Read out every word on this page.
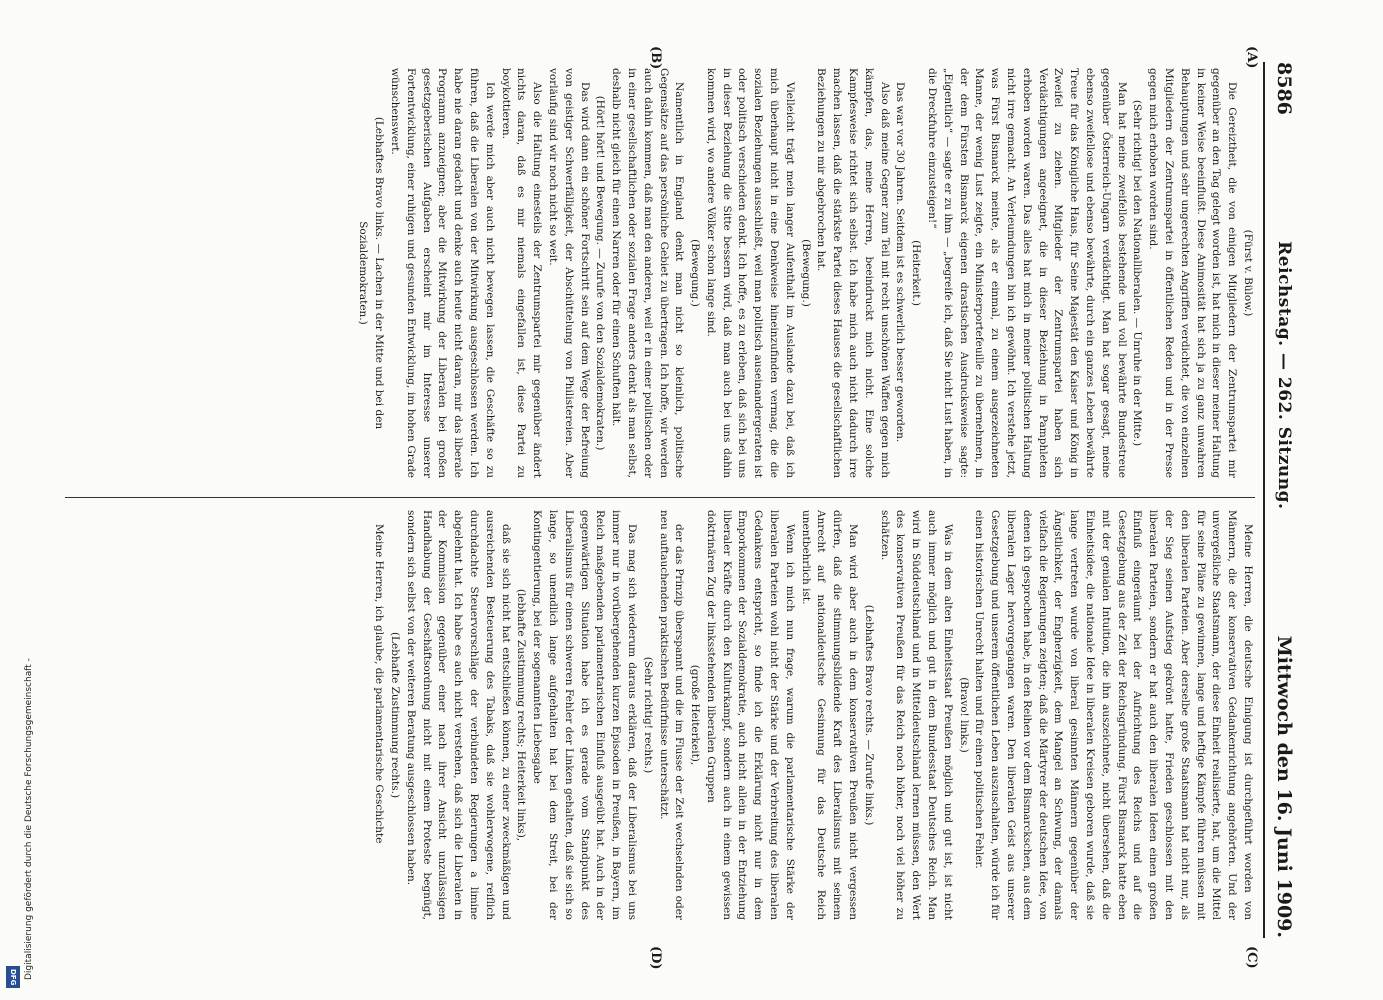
8586
Reichstag. — 262. Sitzung.
Mittwoch den 16. Juni 1909.
(A)
(B)
(C)
(D)

(Fürst v. Bülow.)

Die Gereiztheit, die von einigen Mitgliedern der Zentrumspartei mir gegenüber an den Tag gelegt worden ist, hat mich in dieser meiner Haltung in keiner Weise beeinflußt. Diese Animosität hat sich ja zu ganz unwahren Behauptungen und sehr ungerechten Angriffen verdichtet, die von einzelnen Mitgliedern der Zentrumspartei in öffentlichen Reden und in der Presse gegen mich erhoben worden sind.

(Sehr richtig! bei den Nationalliberalen. — Unruhe in der Mitte.)

Man hat meine zweifellos bestehende und voll bewährte Bundestreue gegenüber Österreich-Ungarn verdächtigt. Man hat sogar gesagt, meine ebenso zweifellose und ebenso bewährte, durch ein ganzes Leben bewährte Treue für das Königliche Haus, für Seine Majestät den Kaiser und König in Zweifel zu ziehen. Mitglieder der Zentrumspartei haben sich Verdächtigungen angeeignet, die in dieser Beziehung in Pamphleten erhoben worden waren. Das alles hat mich in meiner politischen Haltung nicht irre gemacht. An Verleumdungen bin ich gewöhnt. Ich verstehe jetzt, was Fürst Bismarck meinte, als er einmal, zu einem ausgezeichneten Manne, der wenig Lust zeigte, ein Ministerportefeuille zu übernehmen, in der dem Fürsten Bismarck eigenen drastischen Ausdrucksweise sagte: „Eigentlich“ — sagte er zu ihm — „begreife ich, daß Sie nicht Lust haben, in die Dreckfuhre einzusteigen!“

(Heiterkeit.)

Das war vor 30 Jahren. Seitdem ist es schwerlich besser geworden.

Also daß meine Gegner zum Teil mit recht unschönen Waffen gegen mich kämpfen, das, meine Herren, beeindruckt mich nicht. Eine solche Kampfesweise richtet sich selbst. Ich habe mich auch nicht dadurch irre machen lassen, daß die stärkste Partei dieses Hauses die gesellschaftlichen Beziehungen zu mir abgebrochen hat.

(Bewegung.)

Vielleicht trägt mein langer Aufenthalt im Auslande dazu bei, daß ich mich überhaupt nicht in eine Denkweise hineinzufinden vermag, die die sozialen Beziehungen ausschließt, weil man politisch auseinandergeraten ist oder politisch verschieden denkt. Ich hoffe, es zu erleben, daß sich bei uns in dieser Beziehung die Sitte bessern wird, daß man auch bei uns dahin kommen wird, wo andere Völker schon lange sind.

(Bewegung.)

Namentlich in England denkt man nicht so kleinlich, politische Gegensätze auf das persönliche Gebiet zu übertragen. Ich hoffe, wir werden auch dahin kommen, daß man den anderen, weil er in einer politischen oder in einer gesellschaftlichen oder sozialen Frage anders denkt als man selbst, deshalb nicht gleich für einen Narren oder für einen Schuften hält.

(Hört! hört! und Bewegung. — Zurufe von den Sozialdemokraten.)

Das wird dann ein schöner Fortschritt sein auf dem Wege der Befreiung von geistiger Schwerfälligkeit, der Abschüttelung von Philistereien. Aber vorläufig sind wir noch nicht so weit.

Also die Haltung einesteils der Zentrumspartei mir gegenüber ändert nichts daran, daß es mir niemals eingefallen ist, diese Partei zu boykottieren.

Ich werde mich aber auch nicht bewegen lassen, die Geschäfte so zu führen, daß die Liberalen von der Mitwirkung ausgeschlossen werden. Ich habe nie daran gedacht und denke auch heute nicht daran, mir das liberale Programm anzueignen; aber die Mitwirkung der Liberalen bei großen gesetzgeberischen Aufgaben erscheint mir im Interesse unserer Fortentwicklung, einer ruhigen und gesunden Entwicklung, im hohen Grade wünschenswert.

(Lebhaftes Bravo links. — Lachen in der Mitte und bei den Sozialdemokraten.)

Meine Herren, die deutsche Einigung ist durchgeführt worden von Männern, die der konservativen Gedankenrichtung angehörten. Und der unvergeßliche Staatsmann, der diese Einheit realisierte, hat, um die Mittel für seine Pläne zu gewinnen, lange und heftige Kämpfe führen müssen mit den liberalen Parteien. Aber derselbe große Staatsmann hat nicht nur, als der Sieg seinen Aufstieg gekrönt hatte, Frieden geschlossen mit den liberalen Parteien, sondern er hat auch den liberalen Ideen einen großen Einfluß eingeräumt bei der Aufrichtung des Reichs und auf die Gesetzgebung aus der Zeit der Reichsgründung. Fürst Bismarck hatte eben mit der genialen Intuition, die ihn auszeichnete, nicht übersehen, daß die Einheitsidee, die nationale Idee in liberalen Kreisen geboren wurde, daß sie lange vertreten wurde von liberal gesinnten Männern gegenüber der Ängstlichkeit, der Engherzigkeit, dem Mangel an Schwung, der damals vielfach die Regierungen zeigten; daß die Märtyrer der deutschen Idee, von denen ich gesprochen habe, in den Reihen vor dem Bismarckschen, aus dem liberalen Lager hervorgegangen waren. Den liberalen Geist aus unserer Gesetzgebung und unserem öffentlichen Leben auszuschalten, würde ich für einen historischen Unrecht halten und für einen politischen Fehler.

(Bravo! links.)

Was in dem alten Einheitsstaat Preußen möglich und gut ist, ist nicht auch immer möglich und gut in dem Bundesstaat Deutsches Reich. Man wird in Süddeutschland und in Mitteldeutschland lernen müssen, den Wert des konservativen Preußen für das Reich noch höher, noch viel höher zu schätzen.

(Lebhaftes Bravo rechts. — Zurufe links.)

Man wird aber auch in dem konservativen Preußen nicht vergessen dürfen, daß die stimmungsbildende Kraft des Liberalismus mit seinem Anrecht auf nationaldeutsche Gesinnung für das Deutsche Reich unentbehrlich ist.

Wenn ich mich nun frage, warum die parlamentarische Stärke der liberalen Parteien wohl nicht der Stärke und der Verbreitung des liberalen Gedankens entspricht, so finde ich die Erklärung nicht nur in dem Emporkommen der Sozialdemokratie, auch nicht allein in der Entziehung liberaler Kräfte durch den Kulturkampf, sondern auch in einem gewissen doktrinären Zug der linksstehenden liberalen Gruppen

(große Heiterkeit),

der das Prinzip überspannt und die im Flusse der Zeit wechselnden oder neu auftauchenden praktischen Bedürfnisse unterschätzt.

(Sehr richtig! rechts.)

Das mag sich wiederum daraus erklären, daß der Liberalismus bei uns immer nur in vorübergehenden kurzen Episoden in Preußen, in Bayern, im Reich maßgebenden parlamentarischen Einfluß ausgeübt hat. Auch in der gegenwärtigen Situation habe ich es gerade vom Standpunkt des Liberalismus für einen schweren Fehler der Linken gehalten, daß sie sich so lange, so unendlich lange aufgehalten hat bei dem Streit, bei der Kontingentierung, bei der sogenannten Liebesgabe

(lebhafte Zustimmung rechts; Heiterkeit links),

daß sie sich nicht hat entschließen können, zu einer zweckmäßigen und ausreichenden Besteuerung des Tabaks, daß sie wohlerwogene, reiflich durchdachte Steuervorschläge der verbündeten Regierungen a limine abgelehnt hat. Ich habe es auch nicht verstehen, daß sich die Liberalen in der Kommission gegenüber einer nach ihrer Ansicht unzulässigen Handhabung der Geschäftsordnung nicht mit einem Proteste begnügt, sondern sich selbst von der weiteren Beratung ausgeschlossen haben.

(Lebhafte Zustimmung rechts.)

Meine Herren, ich glaube, die parlamentarische Geschichte

Digitalisierung gefördert durch die Deutsche Forschungsgemeinschaft -
DFG
